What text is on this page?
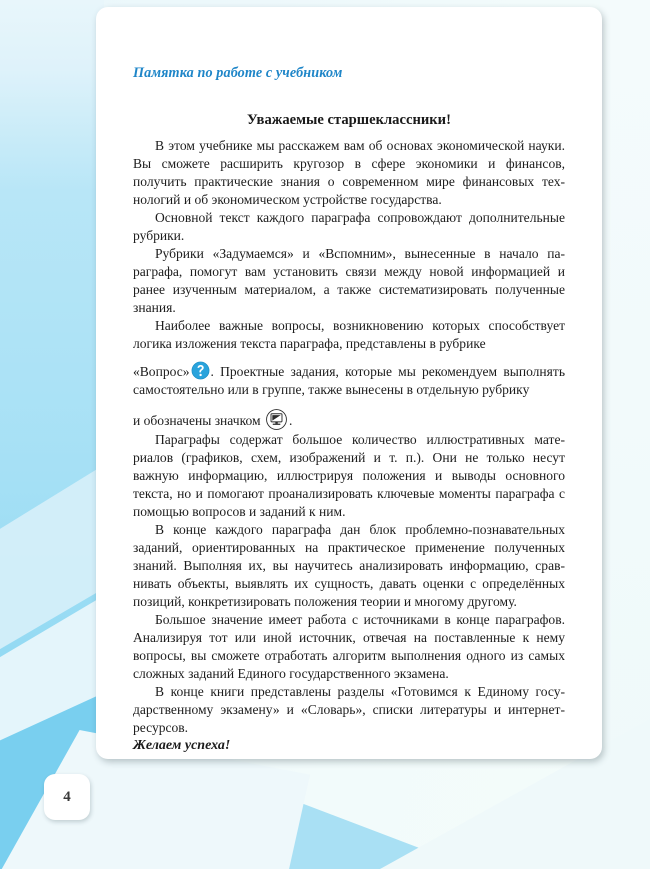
4
Памятка по работе с учебником
Уважаемые старшеклассники!

В этом учебнике мы расскажем вам об основах экономической науки. Вы сможете расширить кругозор в сфере экономики и финансов, получить практические знания о современном мире финансовых технологий и об экономическом устройстве государства.

Основной текст каждого параграфа сопровождают дополнительные рубрики.

Рубрики «Задумаемся» и «Вспомним», вынесенные в начало параграфа, помогут вам установить связи между новой информацией и ранее изученным материалом, а также систематизировать полученные знания.

Наиболее важные вопросы, возникновению которых способствует логика изложения текста параграфа, представлены в рубрике

«Вопрос» . Проектные задания, которые мы рекомендуем выполнять самостоятельно или в группе, также вынесены в отдельную рубрику

и обозначены значком .

Параграфы содержат большое количество иллюстративных материалов (графиков, схем, изображений и т. п.). Они не только несут важную информацию, иллюстрируя положения и выводы основного текста, но и помогают проанализировать ключевые моменты параграфа с помощью вопросов и заданий к ним.

В конце каждого параграфа дан блок проблемно-познавательных заданий, ориентированных на практическое применение полученных знаний. Выполняя их, вы научитесь анализировать информацию, сравнивать объекты, выявлять их сущность, давать оценки с определённых позиций, конкретизировать положения теории и многому другому.

Большое значение имеет работа с источниками в конце параграфов. Анализируя тот или иной источник, отвечая на поставленные к нему вопросы, вы сможете отработать алгоритм выполнения одного из самых сложных заданий Единого государственного экзамена.

В конце книги представлены разделы «Готовимся к Единому государственному экзамену» и «Словарь», списки литературы и интернет-ресурсов.

Желаем успеха!
